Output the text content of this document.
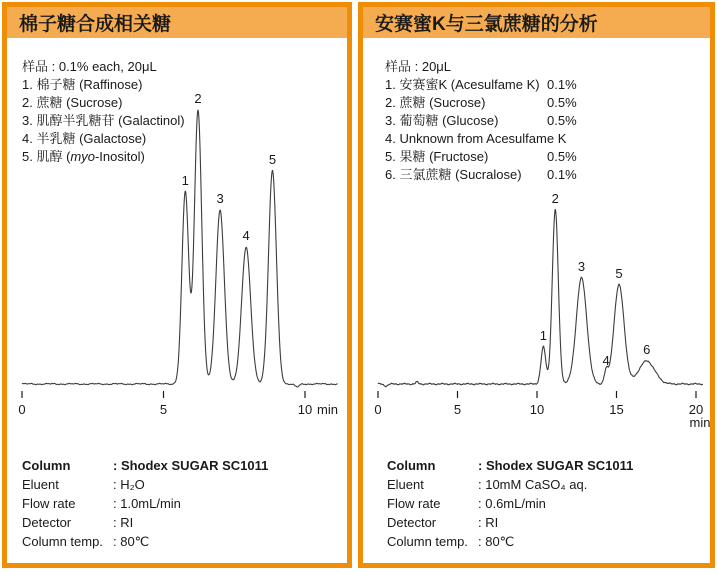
棉子糖合成相关糖
样品 : 0.1% each, 20μL
1. 棉子糖 (Raffinose)
2. 蔗糖 (Sucrose)
3. 肌醇半乳糖苷 (Galactinol)
4. 半乳糖 (Galactose)
5. 肌醇 (myo-Inositol)
0	5	10 min
1
2
3
4
5
Column	: Shodex SUGAR SC1011
Eluent	: H₂O
Flow rate	: 1.0mL/min
Detector	: RI
Column temp. : 80℃
安赛蜜K与三氯蔗糖的分析
样品 : 20μL
1. 安赛蜜K (Acesulfame K) 0.1%
2. 蔗糖 (Sucrose)	0.5%
3. 葡萄糖 (Glucose)	0.5%
4. Unknown from Acesulfame K
5. 果糖 (Fructose)	0.5%
6. 三氯蔗糖 (Sucralose) 0.1%
0	5	10	15	20
min
1
2
3
4
5
6
Column	: Shodex SUGAR SC1011
Eluent	: 10mM CaSO₄ aq.
Flow rate	: 0.6mL/min
Detector	: RI
Column temp. : 80℃
